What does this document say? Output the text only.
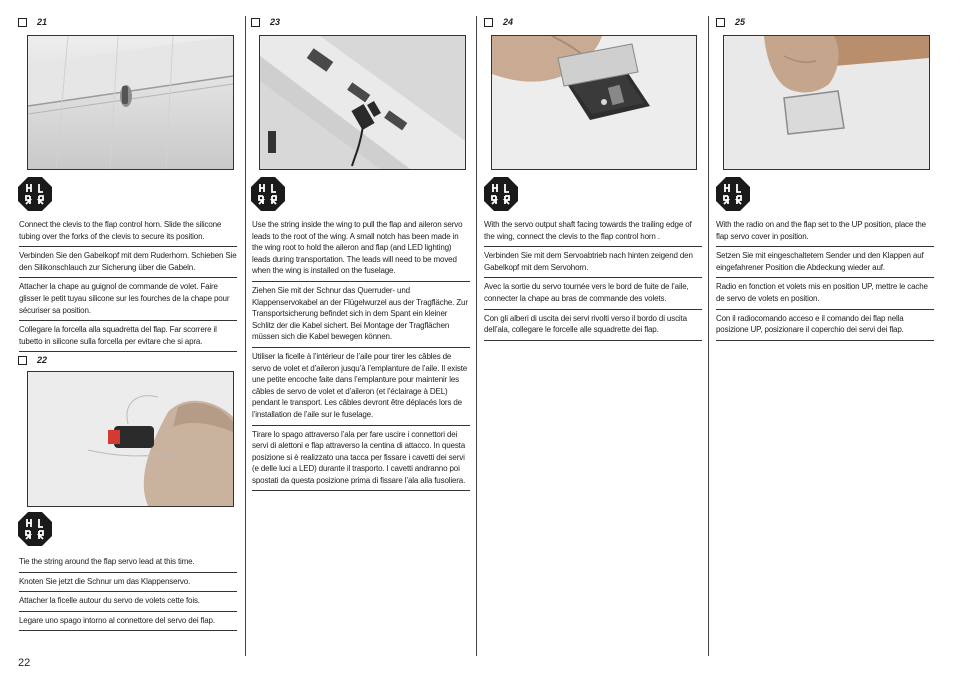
21
Connect the clevis to the flap control horn. Slide the silicone tubing over the forks of the clevis to secure its position.
Verbinden Sie den Gabelkopf mit dem Ruderhorn. Schieben Sie den Silikonschlauch zur Sicherung über die Gabeln.
Attacher la chape au guignol de commande de volet. Faire glisser le petit tuyau silicone sur les fourches de la chape pour sécuriser sa position.
Collegare la forcella alla squadretta del flap. Far scorrere il tubetto in silicone sulla forcella per evitare che si apra.
22
Tie the string around the flap servo lead at this time.
Knoten Sie jetzt die Schnur um das Klappenservo.
Attacher la ficelle autour du servo de volets cette fois.
Legare uno spago intorno al connettore del servo dei flap.
23
Use the string inside the wing to pull the flap and aileron servo leads to the root of the wing. A small notch has been made in the wing root to hold the aileron and flap (and LED lighting) leads during transportation. The leads will need to be moved when the wing is installed on the fuselage.
Ziehen Sie mit der Schnur das Querruder- und Klappenservokabel an der Flügelwurzel aus der Tragfläche. Zur Transportsicherung befindet sich in dem Spant ein kleiner Schlitz der die Kabel sichert. Bei Montage der Tragflächen müssen sich die Kabel bewegen können.
Utiliser la ficelle à l’intérieur de l’aile pour tirer les câbles de servo de volet et d’aileron jusqu’à l’emplanture de l’aile. Il existe une petite encoche faite dans l’emplanture pour maintenir les câbles de servo de volet et d’aileron (et l’éclairage à DEL) pendant le transport. Les câbles devront être déplacés lors de l’installation de l’aile sur le fuselage.
Tirare lo spago attraverso l’ala per fare uscire i connettori dei servi di alettoni e flap attraverso la centina di attacco. In questa posizione si è realizzato una tacca per fissare i cavetti dei servi (e delle luci a LED) durante il trasporto. I cavetti andranno poi spostati da questa posizione prima di fissare l’ala alla fusoliera.
24
With the servo output shaft facing towards the trailing edge of the wing, connect the clevis to the flap control horn .
Verbinden Sie mit dem Servoabtrieb nach hinten zeigend den Gabelkopf mit dem Servohorn.
Avec la sortie du servo tournée vers le bord de fuite de l’aile, connecter la chape au bras de commande des volets.
Con gli alberi di uscita dei servi rivolti verso il bordo di uscita dell’ala, collegare le forcelle alle squadrette dei flap.
25
With the radio on and the flap set to the UP position, place the flap servo cover in position.
Setzen Sie mit eingeschaltetem Sender und den Klappen auf eingefahrener Position die Abdeckung wieder auf.
Radio en fonction et volets mis en position UP, mettre le cache de servo de volets en position.
Con il radiocomando acceso e il comando dei flap nella posizione UP, posizionare il coperchio dei servi dei flap.
22
